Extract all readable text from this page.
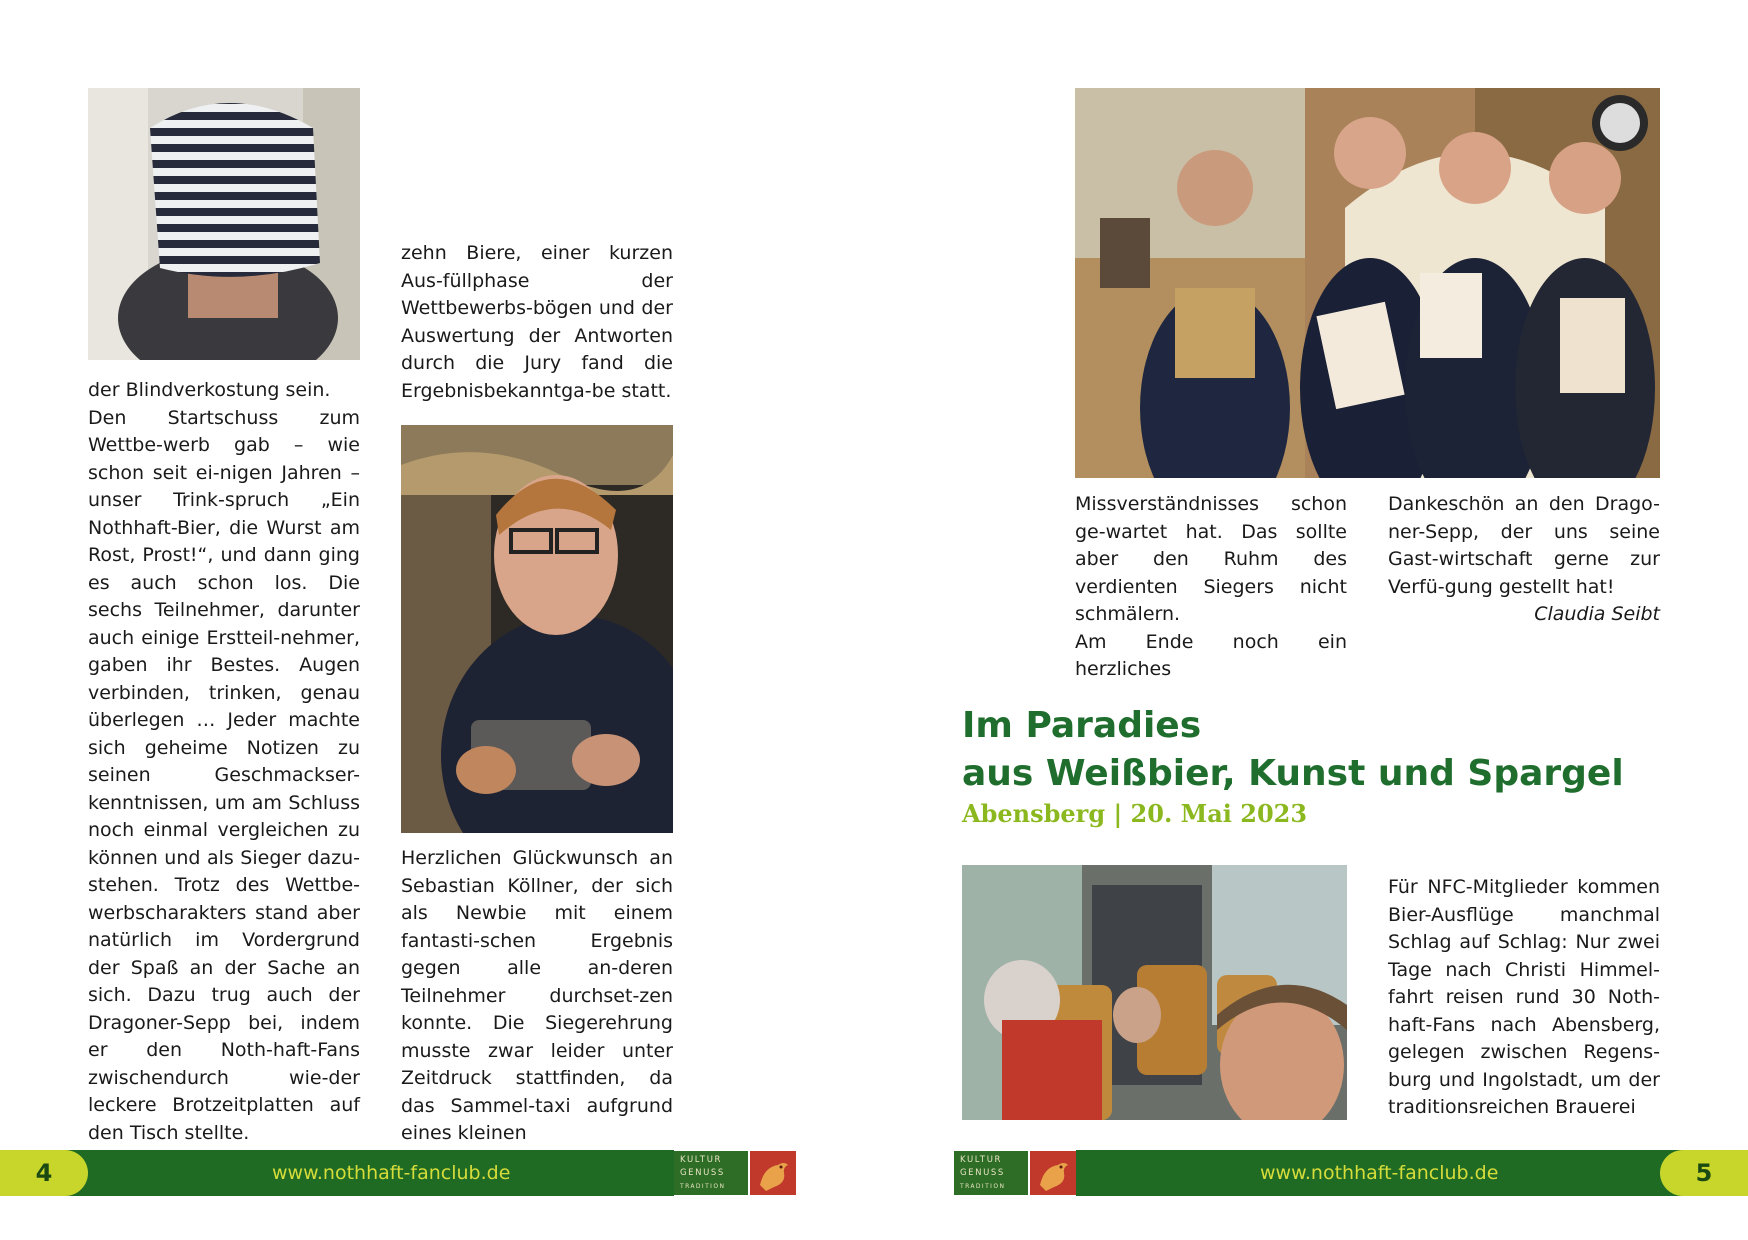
der Blindverkostung sein.

Den Startschuss zum Wettbe-werb gab – wie schon seit ei-nigen Jahren – unser Trink-spruch „Ein Nothhaft-Bier, die Wurst am Rost, Prost!“, und dann ging es auch schon los. Die sechs Teilnehmer, darunter auch einige Erstteil-nehmer, gaben ihr Bestes. Augen verbinden, trinken, genau überlegen … Jeder machte sich geheime Notizen zu seinen Geschmackser-kenntnissen, um am Schluss noch einmal vergleichen zu können und als Sieger dazu-stehen. Trotz des Wettbe-werbscharakters stand aber natürlich im Vordergrund der Spaß an der Sache an sich. Dazu trug auch der Dragoner-Sepp bei, indem er den Noth-haft-Fans zwischendurch wie-der leckere Brotzeitplatten auf den Tisch stellte.

zehn Biere, einer kurzen Aus-füllphase der Wettbewerbs-bögen und der Auswertung der Antworten durch die Jury fand die Ergebnisbekanntga-be statt.

Herzlichen Glückwunsch an Sebastian Köllner, der sich als Newbie mit einem fantasti-schen Ergebnis gegen alle an-deren Teilnehmer durchset-zen konnte. Die Siegerehrung musste zwar leider unter Zeitdruck stattfinden, da das Sammel-taxi aufgrund eines kleinen

Missverständnisses schon ge-wartet hat. Das sollte aber den Ruhm des verdienten Siegers nicht schmälern.

Am Ende noch ein herzliches

Dankeschön an den Drago-ner-Sepp, der uns seine Gast-wirtschaft gerne zur Verfü-gung gestellt hat!

Claudia Seibt

Im Paradies
aus Weißbier, Kunst und Spargel

Abensberg | 20. Mai 2023

Für NFC-Mitglieder kommen Bier-Ausflüge manchmal Schlag auf Schlag: Nur zwei Tage nach Christi Himmel-fahrt reisen rund 30 Noth-haft-Fans nach Abensberg, gelegen zwischen Regens-burg und Ingolstadt, um der traditionsreichen Brauerei

4	5
www.nothhaft-fanclub.de	www.nothhaft-fanclub.de
KULTUR
GENUSS
TRADITION
KULTUR
GENUSS
TRADITION
